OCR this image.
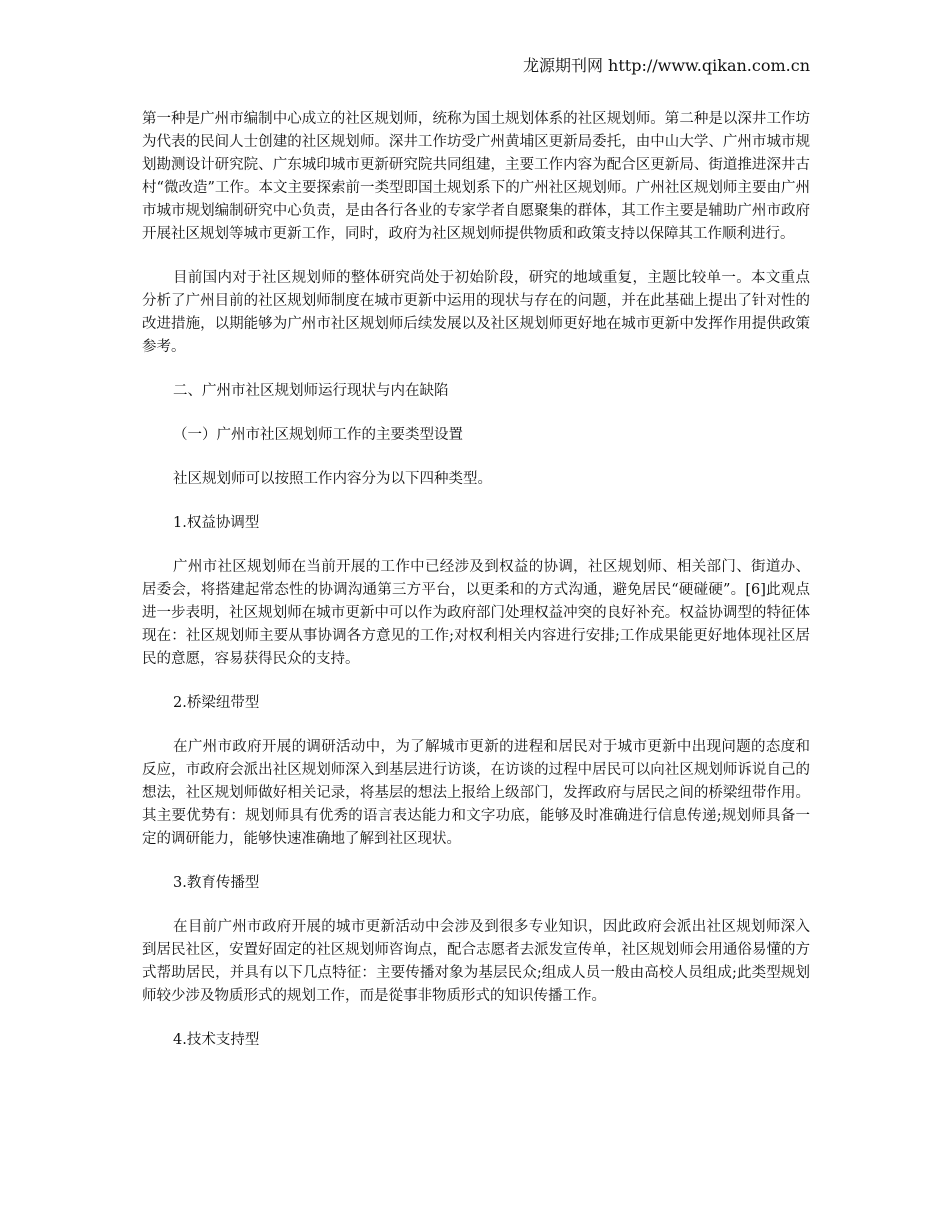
龙源期刊网 http://www.qikan.com.cn

第一种是广州市编制中心成立的社区规划师，统称为国土规划体系的社区规划师。第二种是以深井工作坊为代表的民间人士创建的社区规划师。深井工作坊受广州黄埔区更新局委托，由中山大学、广州市城市规划勘测设计研究院、广东城印城市更新研究院共同组建，主要工作内容为配合区更新局、街道推进深井古村“微改造”工作。本文主要探索前一类型即国土规划系下的广州社区规划师。广州社区规划师主要由广州市城市规划编制研究中心负责，是由各行各业的专家学者自愿聚集的群体，其工作主要是辅助广州市政府开展社区规划等城市更新工作，同时，政府为社区规划师提供物质和政策支持以保障其工作顺利进行。

目前国内对于社区规划师的整体研究尚处于初始阶段，研究的地域重复，主题比较单一。本文重点分析了广州目前的社区规划师制度在城市更新中运用的现状与存在的问题，并在此基础上提出了针对性的改进措施，以期能够为广州市社区规划师后续发展以及社区规划师更好地在城市更新中发挥作用提供政策参考。

二、广州市社区规划师运行现状与内在缺陷

（一）广州市社区规划师工作的主要类型设置

社区规划师可以按照工作内容分为以下四种类型。

1.权益协调型

广州市社区规划师在当前开展的工作中已经涉及到权益的协调，社区规划师、相关部门、街道办、居委会，将搭建起常态性的协调沟通第三方平台，以更柔和的方式沟通，避免居民“硬碰硬”。[6]此观点进一步表明，社区规划师在城市更新中可以作为政府部门处理权益冲突的良好补充。权益协调型的特征体现在：社区规划师主要从事协调各方意见的工作;对权利相关内容进行安排;工作成果能更好地体现社区居民的意愿，容易获得民众的支持。

2.桥梁纽带型

在广州市政府开展的调研活动中，为了解城市更新的进程和居民对于城市更新中出现问题的态度和反应，市政府会派出社区规划师深入到基层进行访谈，在访谈的过程中居民可以向社区规划师诉说自己的想法，社区规划师做好相关记录，将基层的想法上报给上级部门，发挥政府与居民之间的桥梁纽带作用。其主要优势有：规划师具有优秀的语言表达能力和文字功底，能够及时准确进行信息传递;规划师具备一定的调研能力，能够快速准确地了解到社区现状。

3.教育传播型

在目前广州市政府开展的城市更新活动中会涉及到很多专业知识，因此政府会派出社区规划师深入到居民社区，安置好固定的社区规划师咨询点，配合志愿者去派发宣传单，社区规划师会用通俗易懂的方式帮助居民，并具有以下几点特征：主要传播对象为基层民众;组成人员一般由高校人员组成;此类型规划师较少涉及物质形式的规划工作，而是從事非物质形式的知识传播工作。

4.技术支持型
